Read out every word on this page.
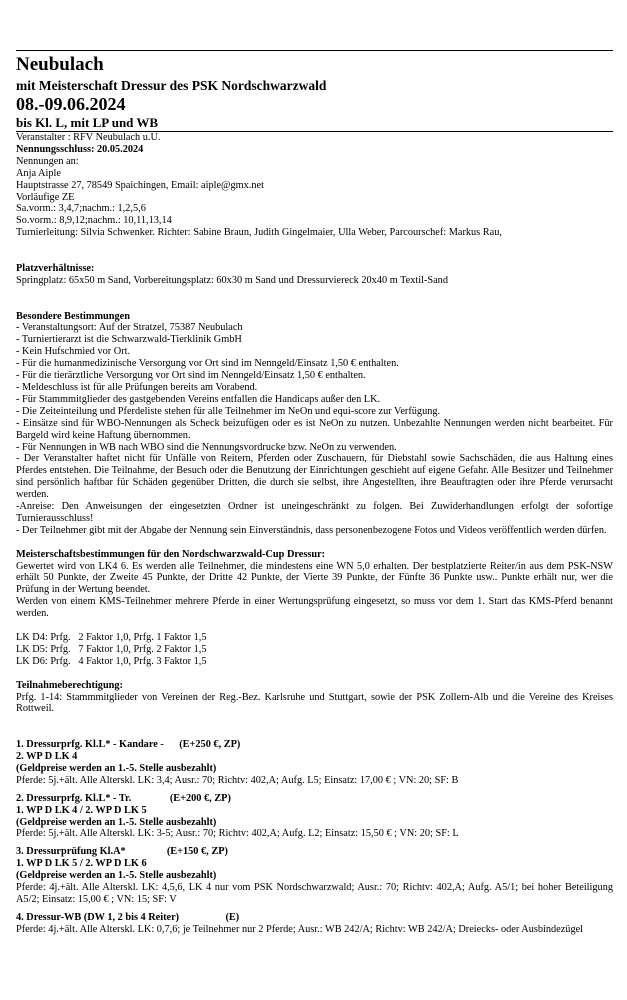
Neubulach
mit Meisterschaft Dressur des PSK Nordschwarzwald
08.-09.06.2024
bis Kl. L, mit LP und WB
Veranstalter : RFV Neubulach u.U.
Nennungsschluss: 20.05.2024
Nennungen an:
Anja Aiple
Hauptstrasse 27, 78549 Spaichingen, Email: aiple@gmx.net
Vorläufige ZE
Sa.vorm.: 3,4,7;nachm.: 1,2,5,6
So.vorm.: 8,9,12;nachm.: 10,11,13,14
Turnierleitung: Silvia Schwenker. Richter: Sabine Braun, Judith Gingelmaier, Ulla Weber, Parcourschef: Markus Rau,
Platzverhältnisse:
Springplatz: 65x50 m Sand, Vorbereitungsplatz: 60x30 m Sand und Dressurviereck 20x40 m Textil-Sand
Besondere Bestimmungen
- Veranstaltungsort: Auf der Stratzel, 75387 Neubulach
- Turniertierarzt ist die Schwarzwald-Tierklinik GmbH
- Kein Hufschmied vor Ort.
- Für die humanmedizinische Versorgung vor Ort sind im Nenngeld/Einsatz 1,50 € enthalten.
- Für die tierärztliche Versorgung vor Ort sind im Nenngeld/Einsatz 1,50 € enthalten.
- Meldeschluss ist für alle Prüfungen bereits am Vorabend.
- Für Stammmitglieder des gastgebenden Vereins entfallen die Handicaps außer den LK.
- Die Zeiteinteilung und Pferdeliste stehen für alle Teilnehmer im NeOn und equi-score zur Verfügung.
- Einsätze sind für WBO-Nennungen als Scheck beizufügen oder es ist NeOn zu nutzen. Unbezahlte Nennungen werden nicht bearbeitet. Für Bargeld wird keine Haftung übernommen.
- Für Nennungen in WB nach WBO sind die Nennungsvordrucke bzw. NeOn zu verwenden.
- Der Veranstalter haftet nicht für Unfälle von Reitern, Pferden oder Zuschauern, für Diebstahl sowie Sachschäden, die aus Haltung eines Pferdes entstehen. Die Teilnahme, der Besuch oder die Benutzung der Einrichtungen geschieht auf eigene Gefahr. Alle Besitzer und Teilnehmer sind persönlich haftbar für Schäden gegenüber Dritten, die durch sie selbst, ihre Angestellten, ihre Beauftragten oder ihre Pferde verursacht werden.
-Anreise: Den Anweisungen der eingesetzten Ordner ist uneingeschränkt zu folgen. Bei Zuwiderhandlungen erfolgt der sofortige Turnierausschluss!
- Der Teilnehmer gibt mit der Abgabe der Nennung sein Einverständnis, dass personenbezogene Fotos und Videos veröffentlich werden dürfen.
Meisterschaftsbestimmungen für den Nordschwarzwald-Cup Dressur:
Gewertet wird von LK4 6. Es werden alle Teilnehmer, die mindestens eine WN 5,0 erhalten. Der bestplatzierte Reiter/in aus dem PSK-NSW erhält 50 Punkte, der Zweite 45 Punkte, der Dritte 42 Punkte, der Vierte 39 Punkte, der Fünfte 36 Punkte usw.. Punkte erhält nur, wer die Prüfung in der Wertung beendet.
Werden von einem KMS-Teilnehmer mehrere Pferde in einer Wertungsprüfung eingesetzt, so muss vor dem 1. Start das KMS-Pferd benannt werden.
LK D4: Prfg.   2 Faktor 1,0, Prfg. 1 Faktor 1,5
LK D5: Prfg.   7 Faktor 1,0, Prfg. 2 Faktor 1,5
LK D6: Prfg.   4 Faktor 1,0, Prfg. 3 Faktor 1,5
Teilnahmeberechtigung:
Prfg. 1-14: Stammmitglieder von Vereinen der Reg.-Bez. Karlsruhe und Stuttgart, sowie der PSK Zollern-Alb und die Vereine des Kreises Rottweil.
1. Dressurprfg. Kl.L* - Kandare - (E+250 €, ZP)
2. WP D LK 4
(Geldpreise werden an 1.-5. Stelle ausbezahlt)
Pferde: 5j.+ält. Alle Alterskl. LK: 3,4; Ausr.: 70; Richtv: 402,A; Aufg. L5; Einsatz: 17,00 € ; VN: 20; SF: B
2. Dressurprfg. Kl.L* - Tr.	(E+200 €, ZP)
1. WP D LK 4 / 2. WP D LK 5
(Geldpreise werden an 1.-5. Stelle ausbezahlt)
Pferde: 5j.+ält. Alle Alterskl. LK: 3-5; Ausr.: 70; Richtv: 402,A; Aufg. L2; Einsatz: 15,50 € ; VN: 20; SF: L
3. Dressurprüfung Kl.A*	(E+150 €, ZP)
1. WP D LK 5 / 2. WP D LK 6
(Geldpreise werden an 1.-5. Stelle ausbezahlt)
Pferde: 4j.+ält. Alle Alterskl. LK: 4,5,6, LK 4 nur vom PSK Nordschwarzwald; Ausr.: 70; Richtv: 402,A; Aufg. A5/1; bei hoher Beteiligung A5/2; Einsatz: 15,00 € ; VN: 15; SF: V
4. Dressur-WB (DW 1, 2 bis 4 Reiter)	(E)
Pferde: 4j.+ält. Alle Alterskl. LK: 0,7,6; je Teilnehmer nur 2 Pferde; Ausr.: WB 242/A; Richtv: WB 242/A; Dreiecks- oder Ausbindezügel
